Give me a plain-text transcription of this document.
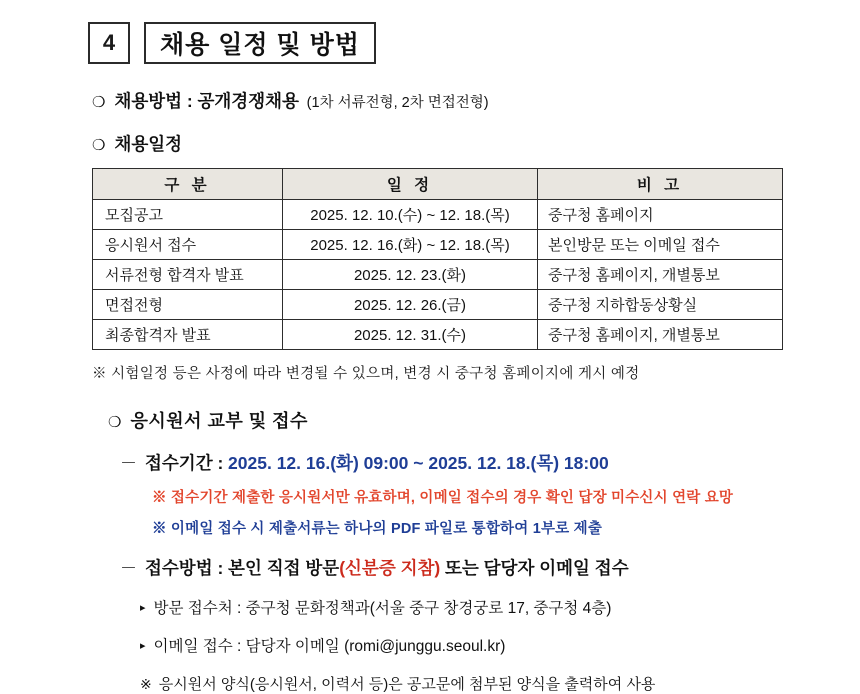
4	채용 일정 및 방법
❍ 채용방법 : 공개경쟁채용 (1차 서류전형, 2차 면접전형)
❍ 채용일정
구 분	일 정	비 고
모집공고	2025. 12. 10.(수) ~ 12. 18.(목)	중구청 홈페이지
응시원서 접수	2025. 12. 16.(화) ~ 12. 18.(목)	본인방문 또는 이메일 접수
서류전형 합격자 발표	2025. 12. 23.(화)	중구청 홈페이지, 개별통보
면접전형	2025. 12. 26.(금)	중구청 지하합동상황실
최종합격자 발표	2025. 12. 31.(수)	중구청 홈페이지, 개별통보
※ 시험일정 등은 사정에 따라 변경될 수 있으며, 변경 시 중구청 홈페이지에 게시 예정
❍ 응시원서 교부 및 접수
－ 접수기간 : 2025. 12. 16.(화) 09:00 ~ 2025. 12. 18.(목) 18:00
※ 접수기간 제출한 응시원서만 유효하며, 이메일 접수의 경우 확인 답장 미수신시 연락 요망
※ 이메일 접수 시 제출서류는 하나의 PDF 파일로 통합하여 1부로 제출
－ 접수방법 : 본인 직접 방문(신분증 지참) 또는 담당자 이메일 접수
▸ 방문 접수처 : 중구청 문화정책과(서울 중구 창경궁로 17, 중구청 4층)
▸ 이메일 접수 : 담당자 이메일 (romi@junggu.seoul.kr)
※ 응시원서 양식(응시원서, 이력서 등)은 공고문에 첨부된 양식을 출력하여 사용
